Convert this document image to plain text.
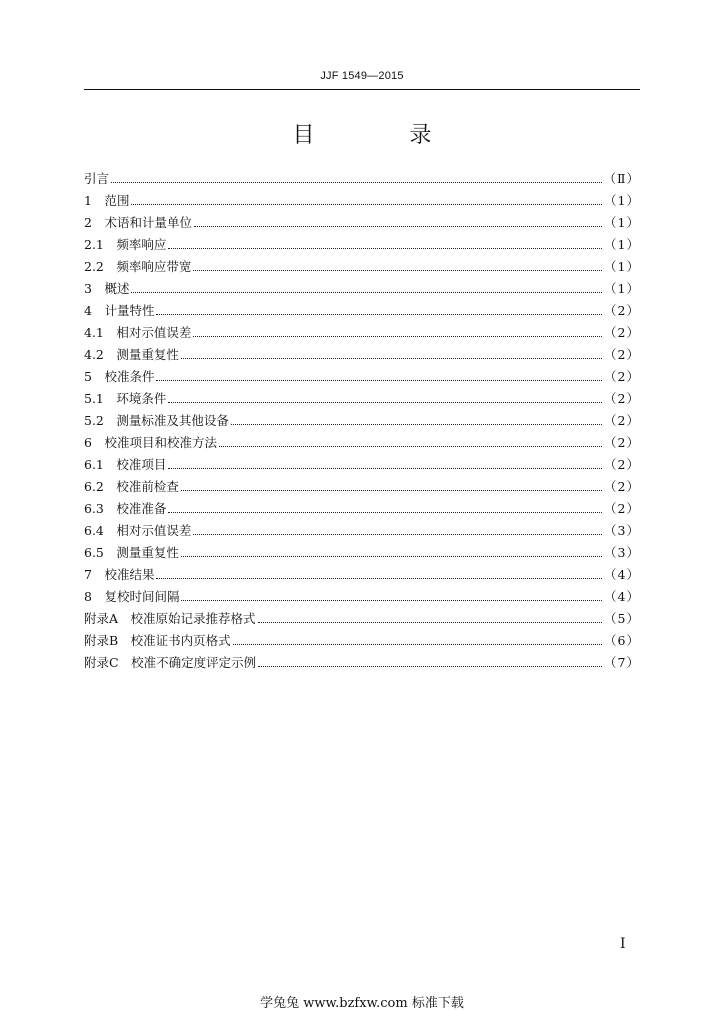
JJF 1549—2015
目 录
引言	（Ⅱ）
1　范围	（1）
2　术语和计量单位	（1）
2.1　频率响应	（1）
2.2　频率响应带宽	（1）
3　概述	（1）
4　计量特性	（2）
4.1　相对示值误差	（2）
4.2　测量重复性	（2）
5　校准条件	（2）
5.1　环境条件	（2）
5.2　测量标准及其他设备	（2）
6　校准项目和校准方法	（2）
6.1　校准项目	（2）
6.2　校准前检查	（2）
6.3　校准准备	（2）
6.4　相对示值误差	（3）
6.5　测量重复性	（3）
7　校准结果	（4）
8　复校时间间隔	（4）
附录A　校准原始记录推荐格式	（5）
附录B　校准证书内页格式	（6）
附录C　校准不确定度评定示例	（7）
I
学兔兔 www.bzfxw.com 标准下载
